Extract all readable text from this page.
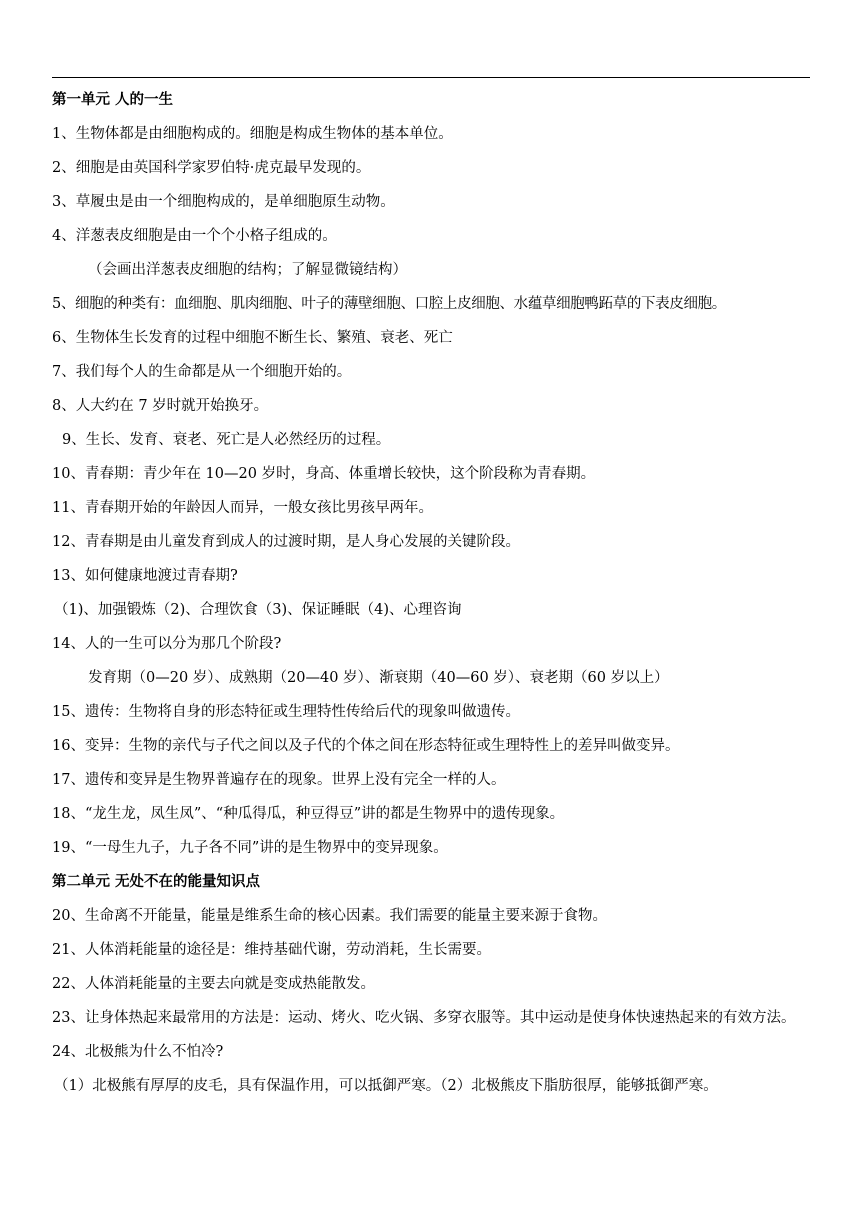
第一单元 人的一生
1、生物体都是由细胞构成的。细胞是构成生物体的基本单位。
2、细胞是由英国科学家罗伯特·虎克最早发现的。
3、草履虫是由一个细胞构成的，是单细胞原生动物。
4、洋葱表皮细胞是由一个个小格子组成的。
（会画出洋葱表皮细胞的结构；了解显微镜结构）
5、细胞的种类有：血细胞、肌肉细胞、叶子的薄壁细胞、口腔上皮细胞、水蕴草细胞鸭跖草的下表皮细胞。
6、生物体生长发育的过程中细胞不断生长、繁殖、衰老、死亡
7、我们每个人的生命都是从一个细胞开始的。
8、人大约在 7 岁时就开始换牙。
9、生长、发育、衰老、死亡是人必然经历的过程。
10、青春期：青少年在 10—20 岁时，身高、体重增长较快，这个阶段称为青春期。
11、青春期开始的年龄因人而异，一般女孩比男孩早两年。
12、青春期是由儿童发育到成人的过渡时期，是人身心发展的关键阶段。
13、如何健康地渡过青春期?
（1)、加强锻炼（2)、合理饮食（3)、保证睡眠（4)、心理咨询
14、人的一生可以分为那几个阶段?
发育期（0—20 岁）、成熟期（20—40 岁）、渐衰期（40—60 岁）、衰老期（60 岁以上）
15、遗传：生物将自身的形态特征或生理特性传给后代的现象叫做遗传。
16、变异：生物的亲代与子代之间以及子代的个体之间在形态特征或生理特性上的差异叫做变异。
17、遗传和变异是生物界普遍存在的现象。世界上没有完全一样的人。
18、“龙生龙，凤生凤”、“种瓜得瓜，种豆得豆”讲的都是生物界中的遗传现象。
19、“一母生九子，九子各不同”讲的是生物界中的变异现象。
第二单元 无处不在的能量知识点
20、生命离不开能量，能量是维系生命的核心因素。我们需要的能量主要来源于食物。
21、人体消耗能量的途径是：维持基础代谢，劳动消耗，生长需要。
22、人体消耗能量的主要去向就是变成热能散发。
23、让身体热起来最常用的方法是：运动、烤火、吃火锅、多穿衣服等。其中运动是使身体快速热起来的有效方法。
24、北极熊为什么不怕冷?
（1）北极熊有厚厚的皮毛，具有保温作用，可以抵御严寒。（2）北极熊皮下脂肪很厚，能够抵御严寒。
